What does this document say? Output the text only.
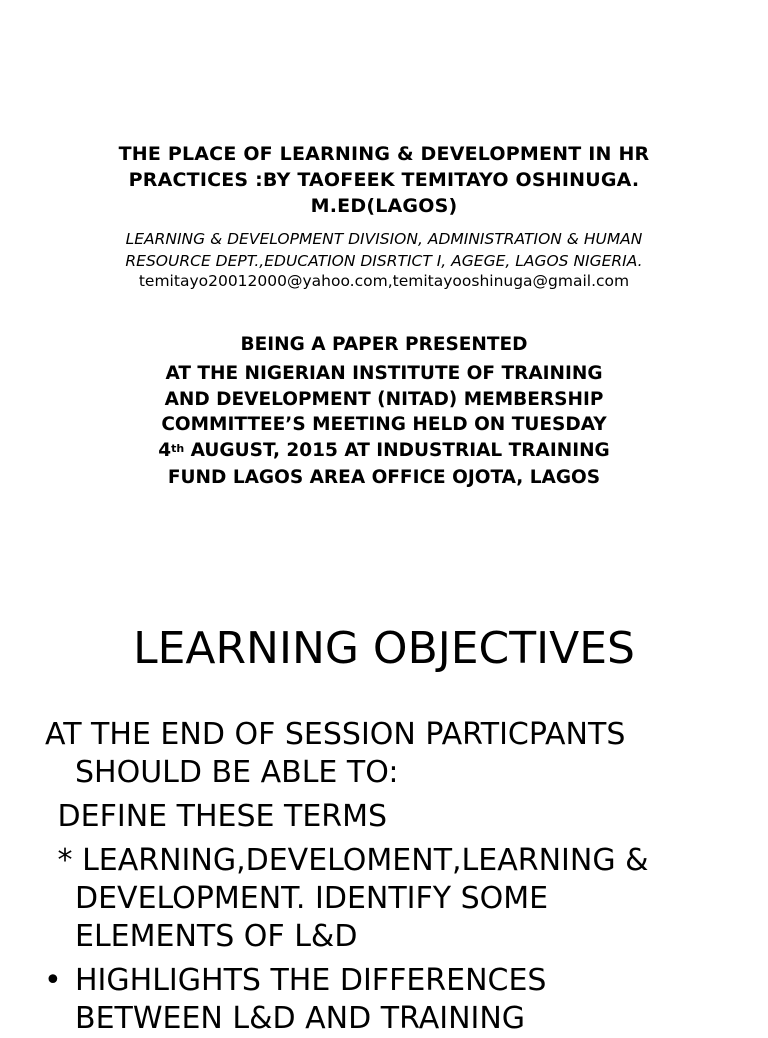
THE PLACE OF LEARNING & DEVELOPMENT IN HR
PRACTICES :BY TAOFEEK TEMITAYO OSHINUGA.
M.ED(LAGOS)
LEARNING & DEVELOPMENT DIVISION, ADMINISTRATION & HUMAN
RESOURCE DEPT.,EDUCATION DISRTICT I, AGEGE, LAGOS NIGERIA.
temitayo20012000@yahoo.com,temitayooshinuga@gmail.com
BEING A PAPER PRESENTED
AT THE NIGERIAN INSTITUTE OF TRAINING
AND DEVELOPMENT (NITAD) MEMBERSHIP
COMMITTEE’S MEETING HELD ON TUESDAY
4th AUGUST, 2015 AT INDUSTRIAL TRAINING
FUND LAGOS AREA OFFICE OJOTA, LAGOS
LEARNING OBJECTIVES
AT THE END OF SESSION PARTICPANTS
SHOULD BE ABLE TO:
DEFINE THESE TERMS
* LEARNING,DEVELOMENT,LEARNING &
DEVELOPMENT. IDENTIFY SOME
ELEMENTS OF L&D
• HIGHLIGHTS THE DIFFERENCES
BETWEEN L&D AND TRAINING
